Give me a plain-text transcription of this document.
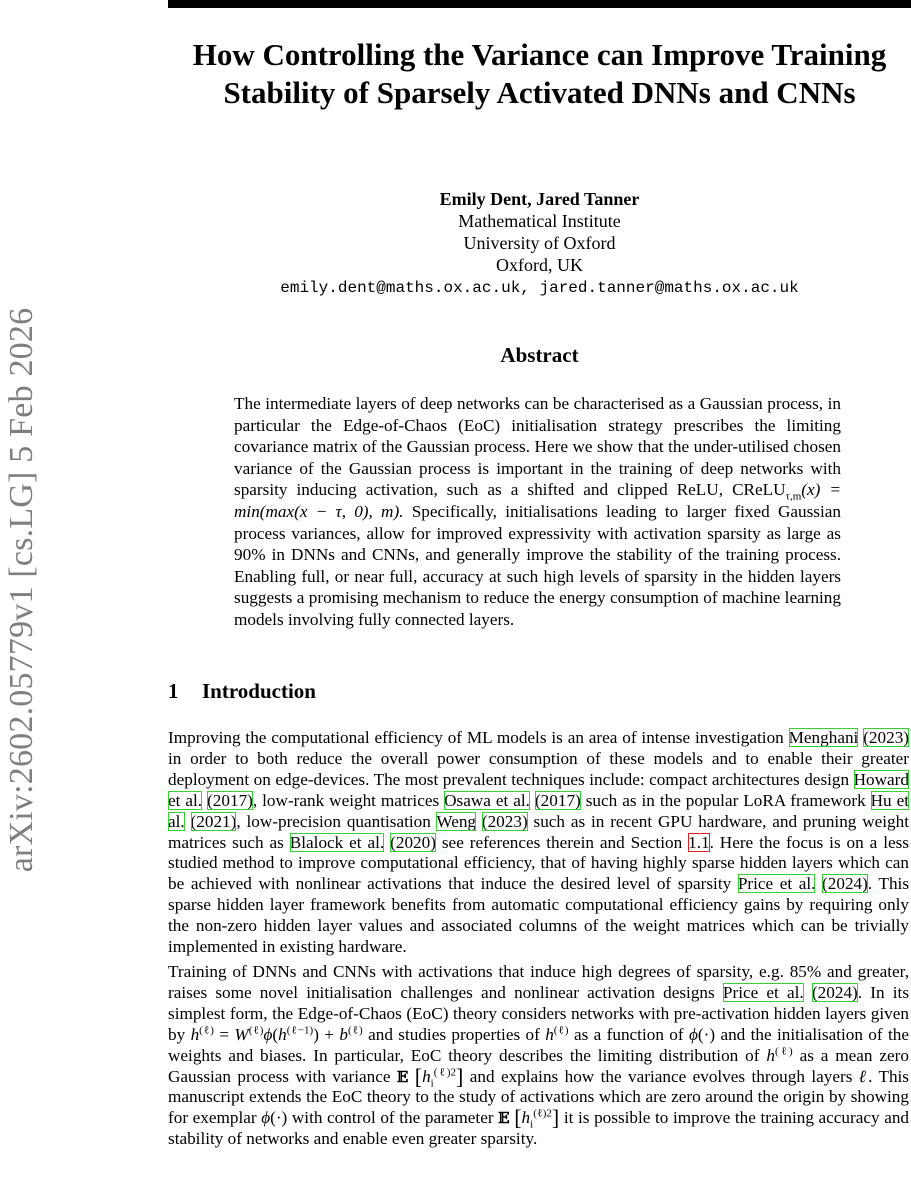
arXiv:2602.05779v1 [cs.LG] 5 Feb 2026
How Controlling the Variance can Improve Training
Stability of Sparsely Activated DNNs and CNNs
Emily Dent, Jared Tanner
Mathematical Institute
University of Oxford
Oxford, UK
emily.dent@maths.ox.ac.uk, jared.tanner@maths.ox.ac.uk
Abstract
The intermediate layers of deep networks can be characterised as a Gaussian process, in particular the Edge-of-Chaos (EoC) initialisation strategy prescribes the limiting covariance matrix of the Gaussian process. Here we show that the under-utilised chosen variance of the Gaussian process is important in the training of deep networks with sparsity inducing activation, such as a shifted and clipped ReLU, CReLU$_{\tau,m}$(x) = min(max(x − τ, 0), m). Specifically, initialisations leading to larger fixed Gaussian process variances, allow for improved expressivity with activation sparsity as large as 90% in DNNs and CNNs, and generally improve the stability of the training process. Enabling full, or near full, accuracy at such high levels of sparsity in the hidden layers suggests a promising mechanism to reduce the energy consumption of machine learning models involving fully connected layers.
1 Introduction
Improving the computational efficiency of ML models is an area of intense investigation Menghani (2023) in order to both reduce the overall power consumption of these models and to enable their greater deployment on edge-devices. The most prevalent techniques include: compact architectures design Howard et al. (2017), low-rank weight matrices Osawa et al. (2017) such as in the popular LoRA framework Hu et al. (2021), low-precision quantisation Weng (2023) such as in recent GPU hardware, and pruning weight matrices such as Blalock et al. (2020) see references therein and Section 1.1. Here the focus is on a less studied method to improve computational efficiency, that of having highly sparse hidden layers which can be achieved with nonlinear activations that induce the desired level of sparsity Price et al. (2024). This sparse hidden layer framework benefits from automatic computational efficiency gains by requiring only the non-zero hidden layer values and associated columns of the weight matrices which can be trivially implemented in existing hardware.
Training of DNNs and CNNs with activations that induce high degrees of sparsity, e.g. 85% and greater, raises some novel initialisation challenges and nonlinear activation designs Price et al. (2024). In its simplest form, the Edge-of-Chaos (EoC) theory considers networks with pre-activation hidden layers given by $h^{(\ell)} = W^{(\ell)}\phi(h^{(\ell-1)}) + b^{(\ell)}$ and studies properties of $h^{(\ell)}$ as a function of ϕ(·) and the initialisation of the weights and biases. In particular, EoC theory describes the limiting distribution of $h^{(\ell)}$ as a mean zero Gaussian process with variance 𝔼 $[h_i^{(\ell)2}]$ and explains how the variance evolves through layers ℓ. This manuscript extends the EoC theory to the study of activations which are zero around the origin by showing for exemplar ϕ(·) with control of the parameter 𝔼 $[h_i^{(\ell)2}]$ it is possible to improve the training accuracy and stability of networks and enable even greater sparsity.
